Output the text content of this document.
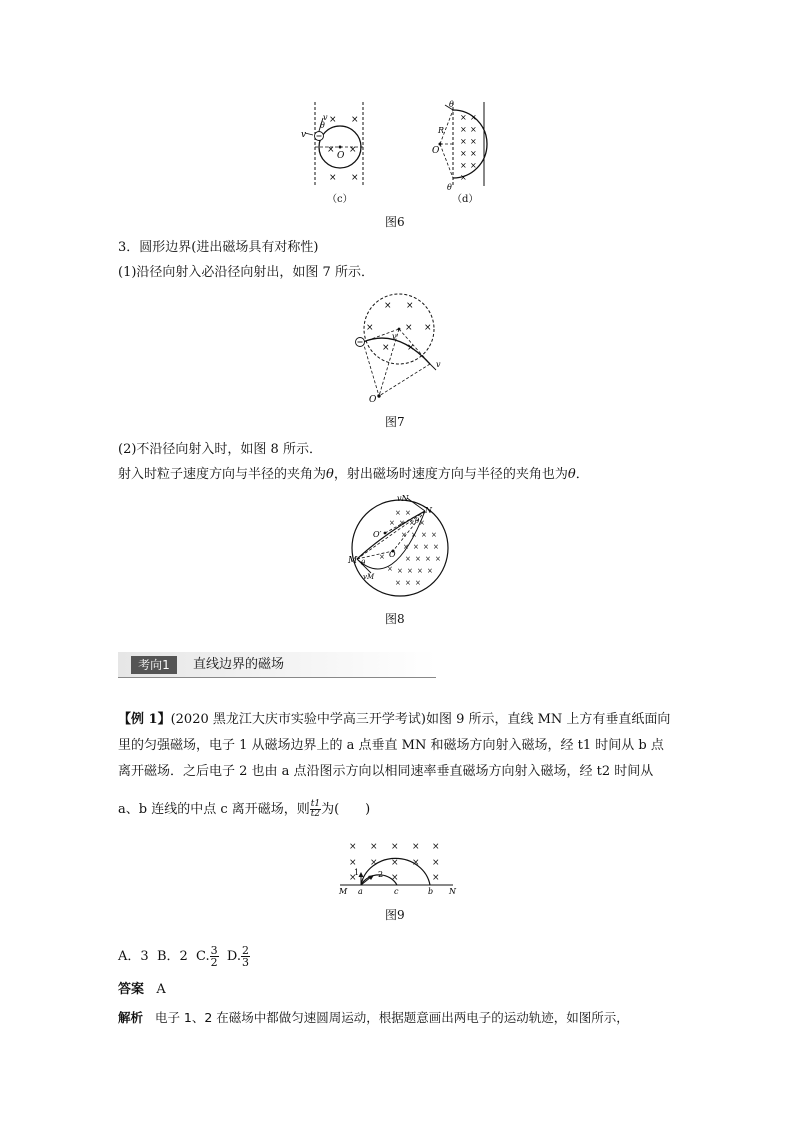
× ×
×
×
× ×
v
v
θ
O
（c）
× ×
× ×
× ×
× ×
× ×
×
θ
R
O
θ
（d）
图6
3．圆形边界(进出磁场具有对称性)
(1)沿径向射入必沿径向射出，如图 7 所示．
× ×
×	× ×
× ×
v
v
O
图7
(2)不沿径向射入时，如图 8 所示．
射入时粒子速度方向与半径的夹角为θ，射出磁场时速度方向与半径的夹角也为θ．
× ×
× × × ×
× × × ×
× × × ×
×	× × × ×
× × × × ×
× × ×
vN
N
θ
O′
O
M θ
vM
图8
考向1	直线边界的磁场
【例 1】(2020 黑龙江大庆市实验中学高三开学考试)如图 9 所示，直线 MN 上方有垂直纸面向
里的匀强磁场，电子 1 从磁场边界上的 a 点垂直 MN 和磁场方向射入磁场，经 t1 时间从 b 点
离开磁场．之后电子 2 也由 a 点沿图示方向以相同速率垂直磁场方向射入磁场，经 t2 时间从
a、b 连线的中点 c 离开磁场，则 $\frac{t1}{t2}$ 为(　　)
× × × × ×
× × × × ×
×	×	×
1 2
M a	c	b N
图9
A．3 B．2 C. $\frac{3}{2} D$. $\frac{2}{3}$
答案 A
解析 电子 1、2 在磁场中都做匀速圆周运动，根据题意画出两电子的运动轨迹，如图所示，
